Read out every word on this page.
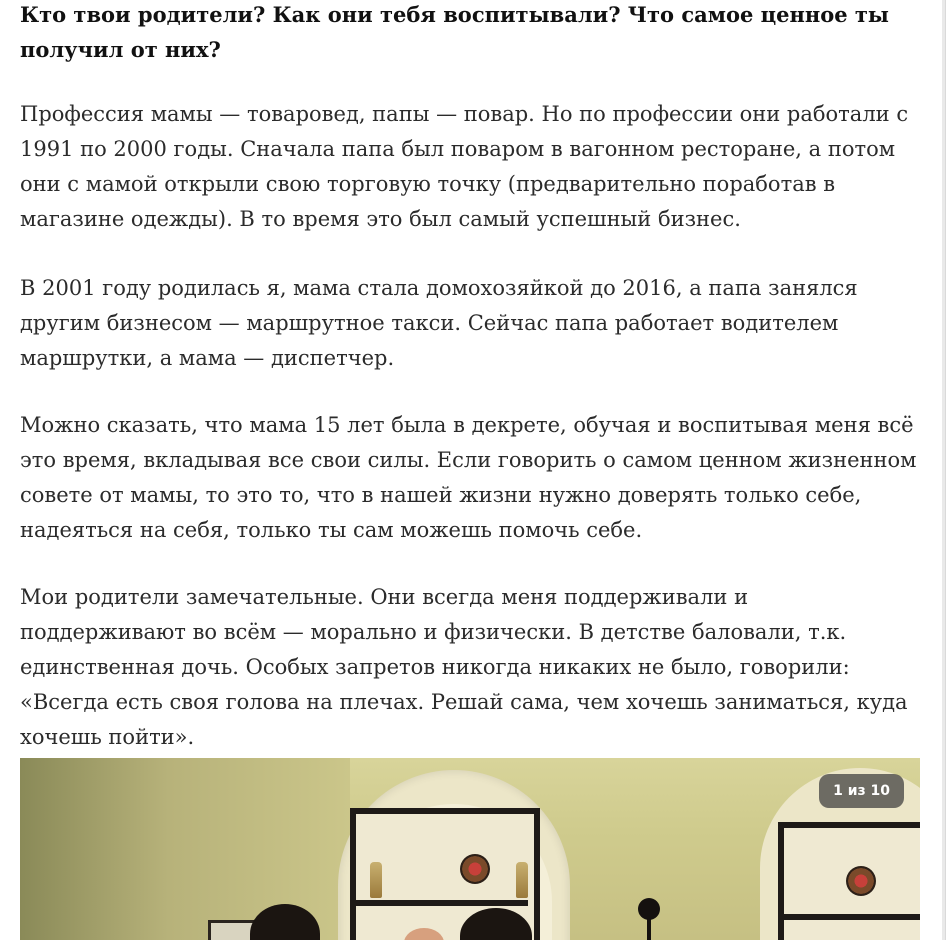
Кто твои родители? Как они тебя воспитывали? Что самое ценное ты получил от них?

Профессия мамы — товаровед, папы — повар. Но по профессии они работали с 1991 по 2000 годы. Сначала папа был поваром в вагонном ресторане, а потом они с мамой открыли свою торговую точку (предварительно поработав в магазине одежды). В то время это был самый успешный бизнес.

В 2001 году родилась я, мама стала домохозяйкой до 2016, а папа занялся другим бизнесом — маршрутное такси. Сейчас папа работает водителем маршрутки, а мама — диспетчер.

Можно сказать, что мама 15 лет была в декрете, обучая и воспитывая меня всё это время, вкладывая все свои силы. Если говорить о самом ценном жизненном совете от мамы, то это то, что в нашей жизни нужно доверять только себе, надеяться на себя, только ты сам можешь помочь себе.

Мои родители замечательные. Они всегда меня поддерживали и поддерживают во всём — морально и физически. В детстве баловали, т.к. единственная дочь. Особых запретов никогда никаких не было, говорили: «Всегда есть своя голова на плечах. Решай сама, чем хочешь заниматься, куда хочешь пойти».

1 из 10
